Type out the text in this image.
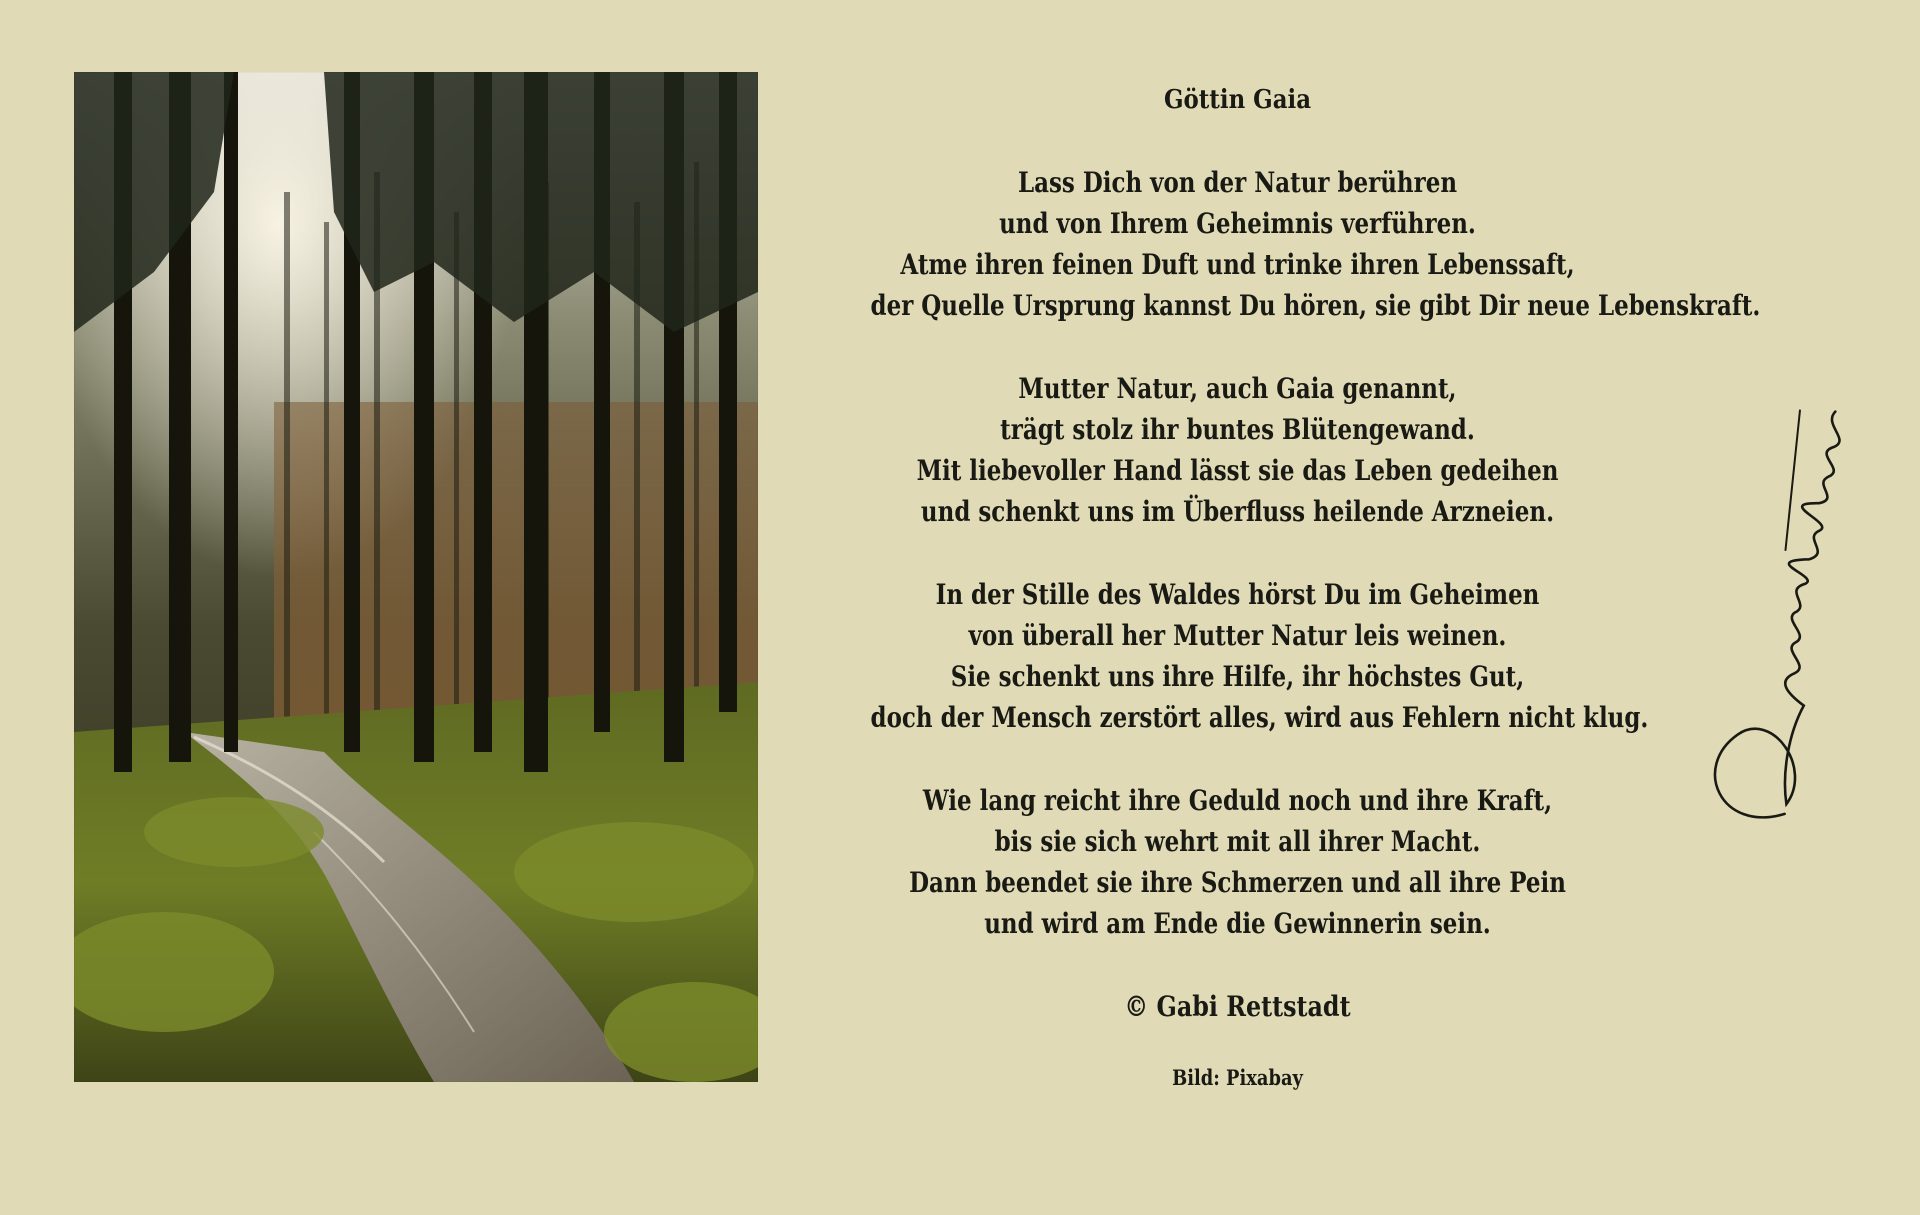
Göttin Gaia
Lass Dich von der Natur berühren
und von Ihrem Geheimnis verführen.
Atme ihren feinen Duft und trinke ihren Lebenssaft,
der Quelle Ursprung kannst Du hören, sie gibt Dir neue Lebenskraft.
Mutter Natur, auch Gaia genannt,
trägt stolz ihr buntes Blütengewand.
Mit liebevoller Hand lässt sie das Leben gedeihen
und schenkt uns im Überfluss heilende Arzneien.
In der Stille des Waldes hörst Du im Geheimen
von überall her Mutter Natur leis weinen.
Sie schenkt uns ihre Hilfe, ihr höchstes Gut,
doch der Mensch zerstört alles, wird aus Fehlern nicht klug.
Wie lang reicht ihre Geduld noch und ihre Kraft,
bis sie sich wehrt mit all ihrer Macht.
Dann beendet sie ihre Schmerzen und all ihre Pein
und wird am Ende die Gewinnerin sein.
© Gabi Rettstadt
Bild: Pixabay
